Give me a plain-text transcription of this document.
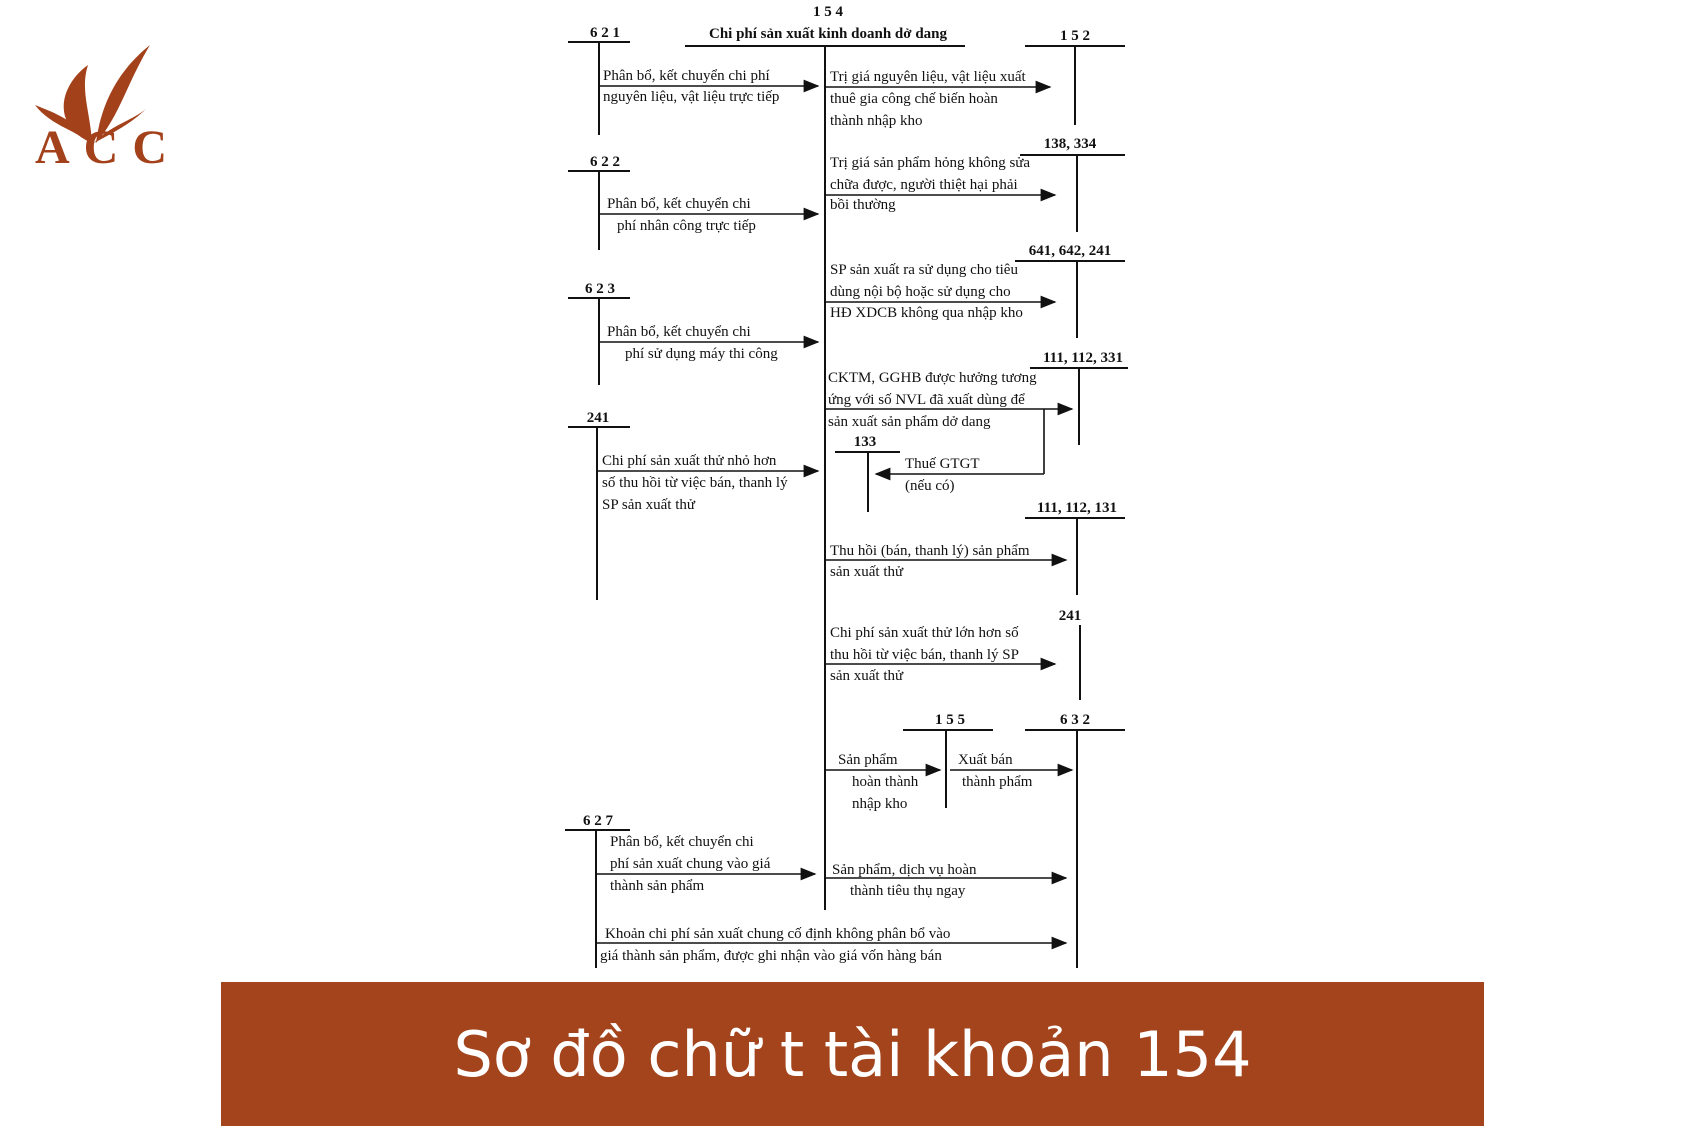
ACC
1 5 4
Chi phí sản xuất kinh doanh dở dang
6 2 1
Phân bổ, kết chuyển chi phí
nguyên liệu, vật liệu trực tiếp
6 2 2
Phân bổ, kết chuyển chi
phí nhân công trực tiếp
6 2 3
Phân bổ, kết chuyển chi
phí sử dụng máy thi công
241
Chi phí sản xuất thử nhỏ hơn
số thu hồi từ việc bán, thanh lý
SP sản xuất thử
6 2 7
Phân bổ, kết chuyển chi
phí sản xuất chung vào giá
thành sản phẩm
1 5 2
Trị giá nguyên liệu, vật liệu xuất
thuê gia công chế biến hoàn
thành nhập kho
138, 334
Trị giá sản phẩm hỏng không sửa
chữa được, người thiệt hại phải
bồi thường
641, 642, 241
SP sản xuất ra sử dụng cho tiêu
dùng nội bộ hoặc sử dụng cho
HĐ XDCB không qua nhập kho
111, 112, 331
CKTM, GGHB được hưởng tương
ứng với số NVL đã xuất dùng để
sản xuất sản phẩm dở dang
133
Thuế GTGT
(nếu có)
111, 112, 131
Thu hồi (bán, thanh lý) sản phẩm
sản xuất thử
241
Chi phí sản xuất thử lớn hơn số
thu hồi từ việc bán, thanh lý SP
sản xuất thử
1 5 5
Sản phẩm
hoàn thành
nhập kho
Xuất bán
thành phẩm
6 3 2
Sản phẩm, dịch vụ hoàn
thành tiêu thụ ngay
Khoản chi phí sản xuất chung cố định không phân bổ vào
giá thành sản phẩm, được ghi nhận vào giá vốn hàng bán
Sơ đồ chữ t tài khoản 154
